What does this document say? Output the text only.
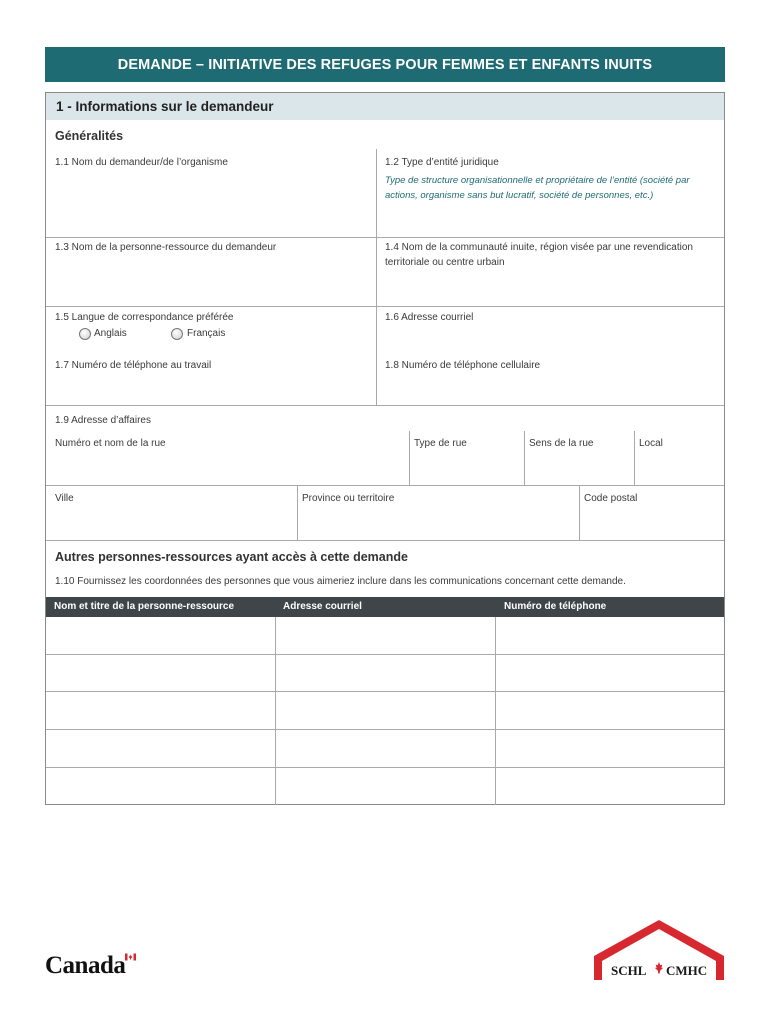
DEMANDE – INITIATIVE DES REFUGES POUR FEMMES ET ENFANTS INUITS
1 - Informations sur le demandeur
Généralités
1.1 Nom du demandeur/de l’organisme	1.2 Type d’entité juridique
Type de structure organisationnelle et propriétaire de l’entité (société par actions, organisme sans but lucratif, société de personnes, etc.)
1.3 Nom de la personne-ressource du demandeur	1.4 Nom de la communauté inuite, région visée par une revendication territoriale ou centre urbain
1.5 Langue de correspondance préférée
Anglais	Français
1.6 Adresse courriel
1.7 Numéro de téléphone au travail	1.8 Numéro de téléphone cellulaire
1.9 Adresse d’affaires
Numéro et nom de la rue	Type de rue	Sens de la rue	Local
Ville	Province ou territoire	Code postal
Autres personnes-ressources ayant accès à cette demande
1.10 Fournissez les coordonnées des personnes que vous aimeriez inclure dans les communications concernant cette demande.
Nom et titre de la personne-ressource	Adresse courriel	Numéro de téléphone
Canada	SCHL CMHC
